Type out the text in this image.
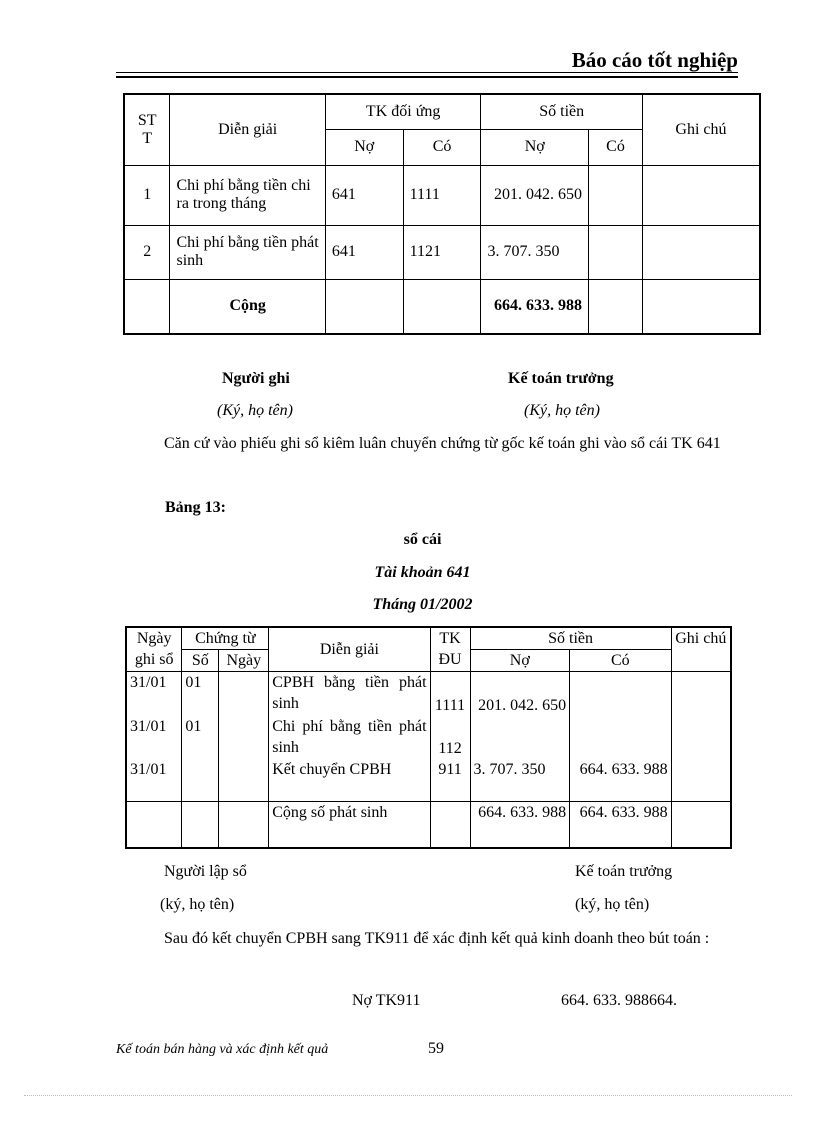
Báo cáo tốt nghiệp
ST T	Diễn giải	TK đối ứng		Số tiền		Ghi chú
		Nợ	Có	Nợ	Có	
1	Chi phí bằng tiền chi ra trong tháng	641	1111	201. 042. 650		
2	Chi phí bằng tiền phát sinh	641	1121	3. 707. 350		
	Cộng			664. 633. 988		
Người ghi
(Ký, họ tên)
Kế toán trưởng
(Ký, họ tên)
Căn cứ vào phiếu ghi sổ kiêm luân chuyển chứng từ gốc kế toán ghi vào sổ cái TK 641
Bảng 13:
sổ cái
Tài khoản 641
Tháng 01/2002
Ngày ghi sổ	Chứng từ		Diễn giải	TK ĐU	Số tiền		Ghi chú
	Số	Ngày			Nợ	Có	
31/01	01		CPBH bằng tiền phát sinh	1111	201. 042. 650		
31/01	01		Chi phí bằng tiền phát sinh	112			
31/01			Kết chuyển CPBH	911	3. 707. 350	664. 633. 988	
			Cộng số phát sinh		664. 633. 988	664. 633. 988	
Người lập sổ
(ký, họ tên)
Kế toán trưởng
(ký, họ tên)
Sau đó kết chuyển CPBH sang TK911 để xác định kết quả kinh doanh theo bút toán :
Nợ TK911	664. 633. 988664.
Kế toán bán hàng và xác định kết quả	59
